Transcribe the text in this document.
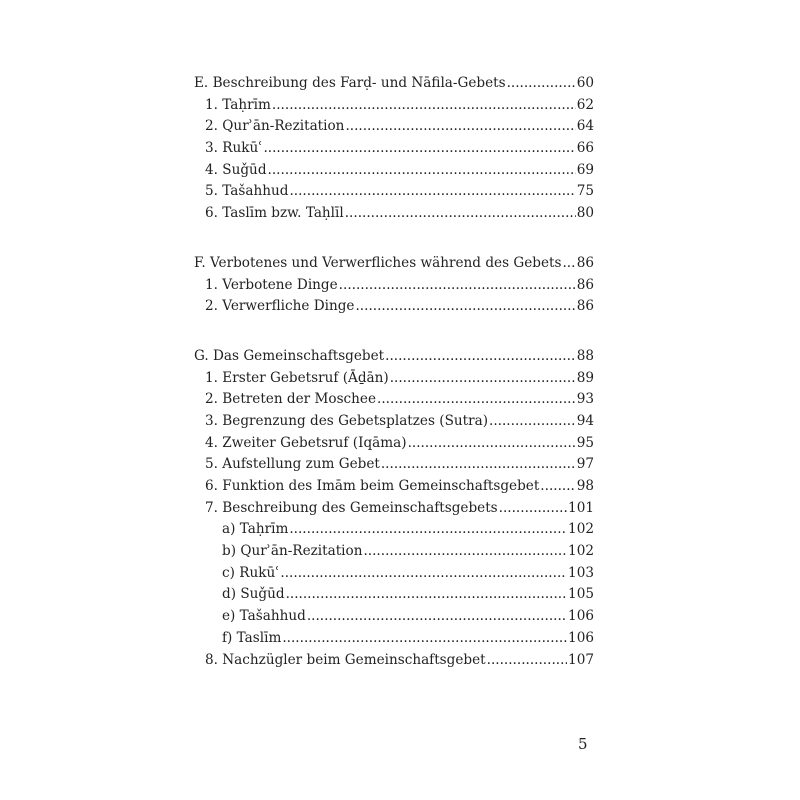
E. Beschreibung des Farḍ- und Nāfila-Gebets .....	60
1. Taḥrīm .....	62
2. Qurʾān-Rezitation .....	64
3. Rukūʿ .....	66
4. Suǧūd .....	69
5. Tašahhud .....	75
6. Taslīm bzw. Taḥlīl .....	80
F. Verbotenes und Verwerfliches während des Gebets ..... 86
1. Verbotene Dinge .....	86
2. Verwerfliche Dinge .....	86
G. Das Gemeinschaftsgebet .....	88
1. Erster Gebetsruf (Āḏān) .....	89
2. Betreten der Moschee .....	93
3. Begrenzung des Gebetsplatzes (Sutra) .....	94
4. Zweiter Gebetsruf (Iqāma) .....	95
5. Aufstellung zum Gebet .....	97
6. Funktion des Imām beim Gemeinschaftsgebet .....	98
7. Beschreibung des Gemeinschaftsgebets .....	101
a) Taḥrīm .....	102
b) Qurʾān-Rezitation .....	102
c) Rukūʿ .....	103
d) Suǧūd .....	105
e) Tašahhud .....	106
f) Taslīm .....	106
8. Nachzügler beim Gemeinschaftsgebet .....	107
5
